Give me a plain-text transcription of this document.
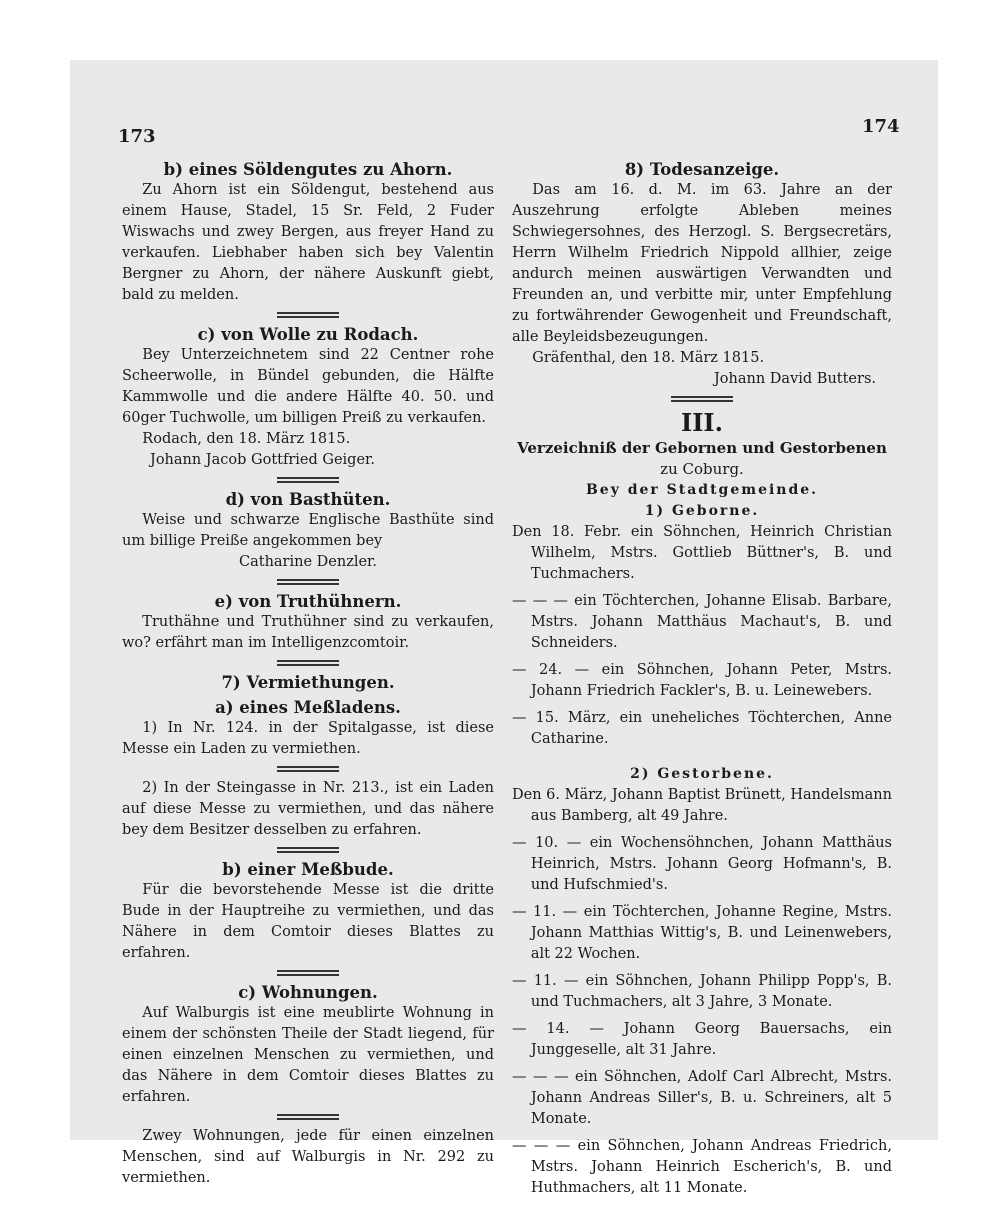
173	174
b) eines Söldengutes zu Ahorn.
Zu Ahorn ist ein Söldengut, bestehend aus einem Hause, Stadel, 15 Sr. Feld, 2 Fuder Wiswachs und zwey Bergen, aus freyer Hand zu verkaufen. Liebhaber haben sich bey Valentin Bergner zu Ahorn, der nähere Auskunft giebt, bald zu melden.
c) von Wolle zu Rodach.
Bey Unterzeichnetem sind 22 Centner rohe Scheerwolle, in Bündel gebunden, die Hälfte Kammwolle und die andere Hälfte 40. 50. und 60ger Tuchwolle, um billigen Preiß zu verkaufen.
Rodach, den 18. März 1815.
Johann Jacob Gottfried Geiger.
d) von Basthüten.
Weise und schwarze Englische Basthüte sind um billige Preiße angekommen bey
Catharine Denzler.
e) von Truthühnern.
Truthähne und Truthühner sind zu verkaufen, wo? erfährt man im Intelligenzcomtoir.
7) Vermiethungen.
a) eines Meßladens.
1) In Nr. 124. in der Spitalgasse, ist diese Messe ein Laden zu vermiethen.
2) In der Steingasse in Nr. 213., ist ein Laden auf diese Messe zu vermiethen, und das nähere bey dem Besitzer desselben zu erfahren.
b) einer Meßbude.
Für die bevorstehende Messe ist die dritte Bude in der Hauptreihe zu vermiethen, und das Nähere in dem Comtoir dieses Blattes zu erfahren.
c) Wohnungen.
Auf Walburgis ist eine meublirte Wohnung in einem der schönsten Theile der Stadt liegend, für einen einzelnen Menschen zu vermiethen, und das Nähere in dem Comtoir dieses Blattes zu erfahren.
Zwey Wohnungen, jede für einen einzelnen Menschen, sind auf Walburgis in Nr. 292 zu vermiethen.
8) Todesanzeige.
Das am 16. d. M. im 63. Jahre an der Auszehrung erfolgte Ableben meines Schwiegersohnes, des Herzogl. S. Bergsecretärs, Herrn Wilhelm Friedrich Nippold allhier, zeige andurch meinen auswärtigen Verwandten und Freunden an, und verbitte mir, unter Empfehlung zu fortwährender Gewogenheit und Freundschaft, alle Beyleidsbezeugungen.
Gräfenthal, den 18. März 1815.
Johann David Butters.
III.
Verzeichniß der Gebornen und Gestorbenen
zu Coburg.
Bey der Stadtgemeinde.
1) Geborne.
Den 18. Febr. ein Söhnchen, Heinrich Christian Wilhelm, Mstrs. Gottlieb Büttner's, B. und Tuchmachers.
— — — ein Töchterchen, Johanne Elisab. Barbare, Mstrs. Johann Matthäus Machaut's, B. und Schneiders.
— 24. — ein Söhnchen, Johann Peter, Mstrs. Johann Friedrich Fackler's, B. u. Leinewebers.
— 15. März, ein uneheliches Töchterchen, Anne Catharine.
2) Gestorbene.
Den 6. März, Johann Baptist Brünett, Handelsmann aus Bamberg, alt 49 Jahre.
— 10. — ein Wochensöhnchen, Johann Matthäus Heinrich, Mstrs. Johann Georg Hofmann's, B. und Hufschmied's.
— 11. — ein Töchterchen, Johanne Regine, Mstrs. Johann Matthias Wittig's, B. und Leinenwebers, alt 22 Wochen.
— 11. — ein Söhnchen, Johann Philipp Popp's, B. und Tuchmachers, alt 3 Jahre, 3 Monate.
— 14. — Johann Georg Bauersachs, ein Junggeselle, alt 31 Jahre.
— — — ein Söhnchen, Adolf Carl Albrecht, Mstrs. Johann Andreas Siller's, B. u. Schreiners, alt 5 Monate.
— — — ein Söhnchen, Johann Andreas Friedrich, Mstrs. Johann Heinrich Escherich's, B. und Huthmachers, alt 11 Monate.
